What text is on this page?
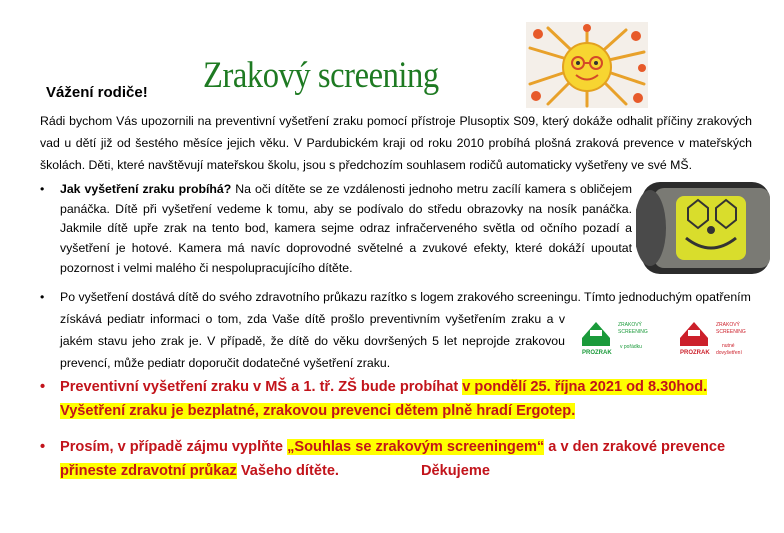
Vážení rodiče! Zrakový screening
Rádi bychom Vás upozornili na preventivní vyšetření zraku pomocí přístroje Plusoptix S09, který dokáže odhalit příčiny zrakových vad u dětí již od šestého měsíce jejich věku. V Pardubickém kraji od roku 2010 probíhá plošná zraková prevence v mateřských školách. Děti, které navštěvují mateřskou školu, jsou s předchozím souhlasem rodičů automaticky vyšetřeny ve své MŠ.
• Jak vyšetření zraku probíhá? Na oči dítěte se ze vzdálenosti jednoho metru zacílí kamera s obličejem panáčka. Dítě při vyšetření vedeme k tomu, aby se podívalo do středu obrazovky na nosík panáčka. Jakmile dítě upře zrak na tento bod, kamera sejme odraz infračerveného světla od očního pozadí a vyšetření je hotové. Kamera má navíc doprovodné světelné a zvukové efekty, které dokáží upoutat pozornost i velmi malého či nespolupracujícího dítěte.
• Po vyšetření dostává dítě do svého zdravotního průkazu razítko s logem zrakového screeningu. Tímto jednoduchým opatřením
získává pediatr informaci o tom, zda Vaše dítě prošlo preventivním vyšetřením zraku a v jakém stavu jeho zrak je. V případě, že dítě do věku dovršených 5 let neprojde zrakovou prevencí, může pediatr doporučit dodatečné vyšetření zraku.
PROZRAK
ZRAKOVÝ
SCREENING
v pořádku
PROZRAK
ZRAKOVÝ
SCREENING
nutné
dovyšetření
• Preventivní vyšetření zraku v MŠ a 1. tř. ZŠ bude probíhat v pondělí 25. října 2021 od 8.30hod.
Vyšetření zraku je bezplatné, zrakovou prevenci dětem plně hradí Ergotep.
• Prosím, v případě zájmu vyplňte „Souhlas se zrakovým screeningem“ a v den zrakové prevence
přineste zdravotní průkaz Vašeho dítěte.	Děkujeme
